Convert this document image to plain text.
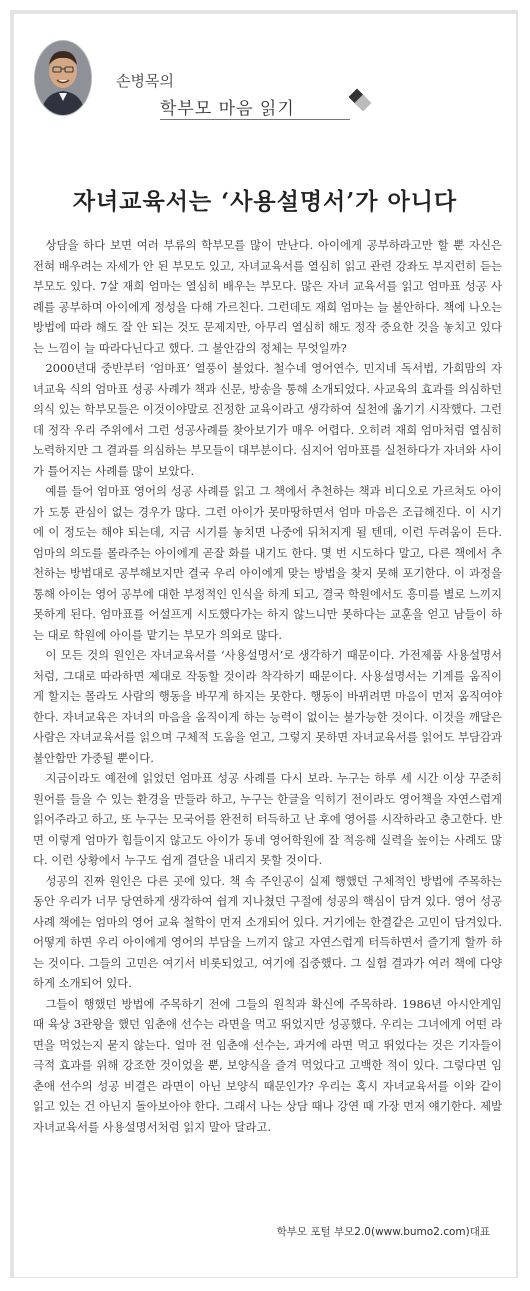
손병목의
학부모 마음 읽기
자녀교육서는 ‘사용설명서’가 아니다

상담을 하다 보면 여러 부류의 학부모를 많이 만난다. 아이에게 공부하라고만 할 뿐 자신은 전혀 배우려는 자세가 안 된 부모도 있고, 자녀교육서를 열심히 읽고 관련 강좌도 부지런히 듣는 부모도 있다. 7살 재희 엄마는 열심히 배우는 부모다. 많은 자녀 교육서를 읽고 엄마표 성공 사례를 공부하며 아이에게 정성을 다해 가르친다. 그런데도 재희 엄마는 늘 불안하다. 책에 나오는 방법에 따라 해도 잘 안 되는 것도 문제지만, 아무리 열심히 해도 정작 중요한 것을 놓치고 있다는 느낌이 늘 따라다닌다고 했다. 그 불안감의 정체는 무엇일까?

2000년대 중반부터 ‘엄마표’ 열풍이 불었다. 철수네 영어연수, 민지네 독서법, 가희맘의 자녀교육 식의 엄마표 성공 사례가 책과 신문, 방송을 통해 소개되었다. 사교육의 효과를 의심하던 의식 있는 학부모들은 이것이야말로 진정한 교육이라고 생각하여 실천에 옮기기 시작했다. 그런데 정작 우리 주위에서 그런 성공사례를 찾아보기가 매우 어렵다. 오히려 재희 엄마처럼 열심히 노력하지만 그 결과를 의심하는 부모들이 대부분이다. 심지어 엄마표를 실천하다가 자녀와 사이가 틀어지는 사례를 많이 보았다.

예를 들어 엄마표 영어의 성공 사례를 읽고 그 책에서 추천하는 책과 비디오로 가르쳐도 아이가 도통 관심이 없는 경우가 많다. 그런 아이가 못마땅하면서 엄마 마음은 조급해진다. 이 시기에 이 정도는 해야 되는데, 지금 시기를 놓치면 나중에 뒤처지게 될 텐데, 이런 두려움이 든다. 엄마의 의도를 몰라주는 아이에게 곧잘 화를 내기도 한다. 몇 번 시도하다 말고, 다른 책에서 추천하는 방법대로 공부해보지만 결국 우리 아이에게 맞는 방법을 찾지 못해 포기한다. 이 과정을 통해 아이는 영어 공부에 대한 부정적인 인식을 하게 되고, 결국 학원에서도 흥미를 별로 느끼지 못하게 된다. 엄마표를 어설프게 시도했다가는 하지 않느니만 못하다는 교훈을 얻고 남들이 하는 대로 학원에 아이를 맡기는 부모가 의외로 많다.

이 모든 것의 원인은 자녀교육서를 ‘사용설명서’로 생각하기 때문이다. 가전제품 사용설명서처럼, 그대로 따라하면 제대로 작동할 것이라 착각하기 때문이다. 사용설명서는 기계를 움직이게 할지는 몰라도 사람의 행동을 바꾸게 하지는 못한다. 행동이 바뀌려면 마음이 먼저 움직여야 한다. 자녀교육은 자녀의 마음을 움직이게 하는 능력이 없이는 불가능한 것이다. 이것을 깨달은 사람은 자녀교육서를 읽으며 구체적 도움을 얻고, 그렇지 못하면 자녀교육서를 읽어도 부담감과 불안함만 가중될 뿐이다.

지금이라도 예전에 읽었던 엄마표 성공 사례를 다시 보라. 누구는 하루 세 시간 이상 꾸준히 원어를 들을 수 있는 환경을 만들라 하고, 누구는 한글을 익히기 전이라도 영어책을 자연스럽게 읽어주라고 하고, 또 누구는 모국어를 완전히 터득하고 난 후에 영어를 시작하라고 충고한다. 반면 이렇게 엄마가 힘들이지 않고도 아이가 동네 영어학원에 잘 적응해 실력을 높이는 사례도 많다. 이런 상황에서 누구도 쉽게 결단을 내리지 못할 것이다.

성공의 진짜 원인은 다른 곳에 있다. 책 속 주인공이 실제 행했던 구체적인 방법에 주목하는 동안 우리가 너무 당연하게 생각하여 쉽게 지나쳤던 구절에 성공의 핵심이 담겨 있다. 영어 성공 사례 책에는 엄마의 영어 교육 철학이 먼저 소개되어 있다. 거기에는 한결같은 고민이 담겨있다. 어떻게 하면 우리 아이에게 영어의 부담을 느끼지 않고 자연스럽게 터득하면서 즐기게 할까 하는 것이다. 그들의 고민은 여기서 비롯되었고, 여기에 집중했다. 그 실험 결과가 여러 책에 다양하게 소개되어 있다.

그들이 행했던 방법에 주목하기 전에 그들의 원칙과 확신에 주목하라. 1986년 아시안게임 때 육상 3관왕을 했던 임춘애 선수는 라면을 먹고 뛰었지만 성공했다. 우리는 그녀에게 어떤 라면을 먹었는지 묻지 않는다. 얼마 전 임춘애 선수는, 과거에 라면 먹고 뛰었다는 것은 기자들이 극적 효과를 위해 강조한 것이었을 뿐, 보양식을 즐겨 먹었다고 고백한 적이 있다. 그렇다면 임춘애 선수의 성공 비결은 라면이 아닌 보양식 때문인가? 우리는 혹시 자녀교육서를 이와 같이 읽고 있는 건 아닌지 돌아보아야 한다. 그래서 나는 상담 때나 강연 때 가장 먼저 얘기한다. 제발 자녀교육서를 사용설명서처럼 읽지 말아 달라고.

학부모 포털 부모2.0(www.bumo2.com)대표
